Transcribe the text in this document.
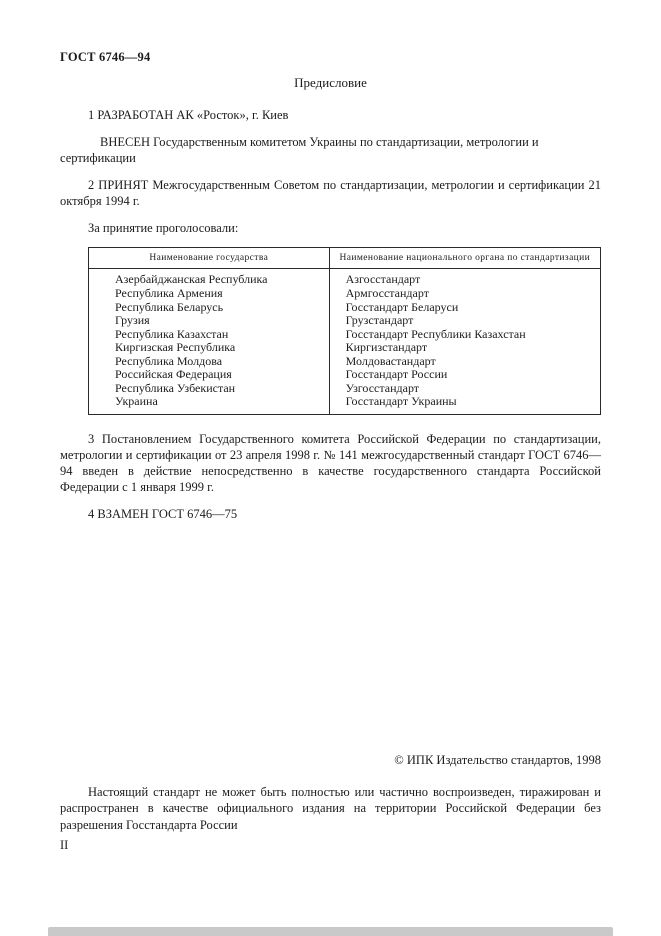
ГОСТ 6746—94
Предисловие

1 РАЗРАБОТАН АК «Росток», г. Киев

ВНЕСЕН Государственным комитетом Украины по стандартизации, метрологии и сертификации

2 ПРИНЯТ Межгосударственным Советом по стандартизации, метрологии и сертификации 21 октября 1994 г.

За принятие проголосовали:

Наименование государства	Наименование национального органа по стандартизации
Азербайджанская Республика	Азгосстандарт
Республика Армения	Армгосстандарт
Республика Беларусь	Госстандарт Беларуси
Грузия	Грузстандарт
Республика Казахстан	Госстандарт Республики Казахстан
Киргизская Республика	Киргизстандарт
Республика Молдова	Молдовастандарт
Российская Федерация	Госстандарт России
Республика Узбекистан	Узгосстандарт
Украина	Госстандарт Украины

3 Постановлением Государственного комитета Российской Федерации по стандартизации, метрологии и сертификации от 23 апреля 1998 г. № 141 межгосударственный стандарт ГОСТ 6746—94 введен в действие непосредственно в качестве государственного стандарта Российской Федерации с 1 января 1999 г.

4 ВЗАМЕН ГОСТ 6746—75

© ИПК Издательство стандартов, 1998

Настоящий стандарт не может быть полностью или частично воспроизведен, тиражирован и распространен в качестве официального издания на территории Российской Федерации без разрешения Госстандарта России

II
